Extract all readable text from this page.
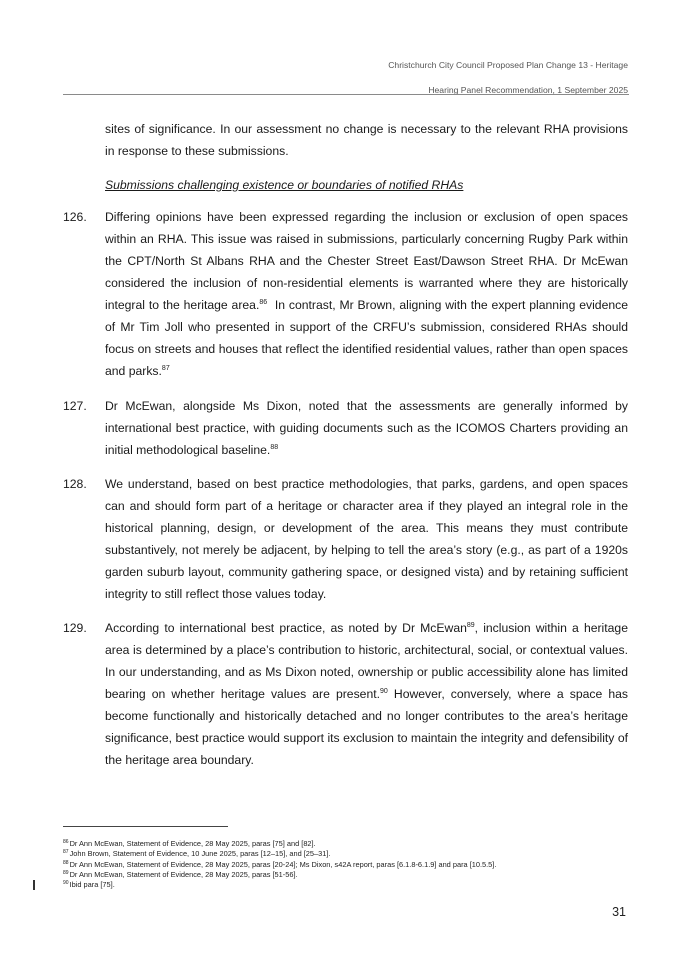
Christchurch City Council Proposed Plan Change 13 - Heritage
Hearing Panel Recommendation, 1 September 2025
sites of significance. In our assessment no change is necessary to the relevant RHA provisions in response to these submissions.
Submissions challenging existence or boundaries of notified RHAs
126.	Differing opinions have been expressed regarding the inclusion or exclusion of open spaces within an RHA. This issue was raised in submissions, particularly concerning Rugby Park within the CPT/North St Albans RHA and the Chester Street East/Dawson Street RHA. Dr McEwan considered the inclusion of non-residential elements is warranted where they are historically integral to the heritage area.$^{86}$  In contrast, Mr Brown, aligning with the expert planning evidence of Mr Tim Joll who presented in support of the CRFU’s submission, considered RHAs should focus on streets and houses that reflect the identified residential values, rather than open spaces and parks.$^{87}$
127.	Dr McEwan, alongside Ms Dixon, noted that the assessments are generally informed by international best practice, with guiding documents such as the ICOMOS Charters providing an initial methodological baseline.$^{88}$
128.	We understand, based on best practice methodologies, that parks, gardens, and open spaces can and should form part of a heritage or character area if they played an integral role in the historical planning, design, or development of the area. This means they must contribute substantively, not merely be adjacent, by helping to tell the area’s story (e.g., as part of a 1920s garden suburb layout, community gathering space, or designed vista) and by retaining sufficient integrity to still reflect those values today.
129.	According to international best practice, as noted by Dr McEwan$^{89}$, inclusion within a heritage area is determined by a place’s contribution to historic, architectural, social, or contextual values. In our understanding, and as Ms Dixon noted, ownership or public accessibility alone has limited bearing on whether heritage values are present.$^{90}$ However, conversely, where a space has become functionally and historically detached and no longer contributes to the area’s heritage significance, best practice would support its exclusion to maintain the integrity and defensibility of the heritage area boundary.
$^{86}$Dr Ann McEwan, Statement of Evidence, 28 May 2025, paras [75] and [82].
$^{87}$John Brown, Statement of Evidence, 10 June 2025, paras [12–15], and [25–31].
$^{88}$Dr Ann McEwan, Statement of Evidence, 28 May 2025, paras [20-24]; Ms Dixon, s42A report, paras [6.1.8-6.1.9] and para [10.5.5].
$^{89}$Dr Ann McEwan, Statement of Evidence, 28 May 2025, paras [51-56].
$^{90}$Ibid para [75].
31
